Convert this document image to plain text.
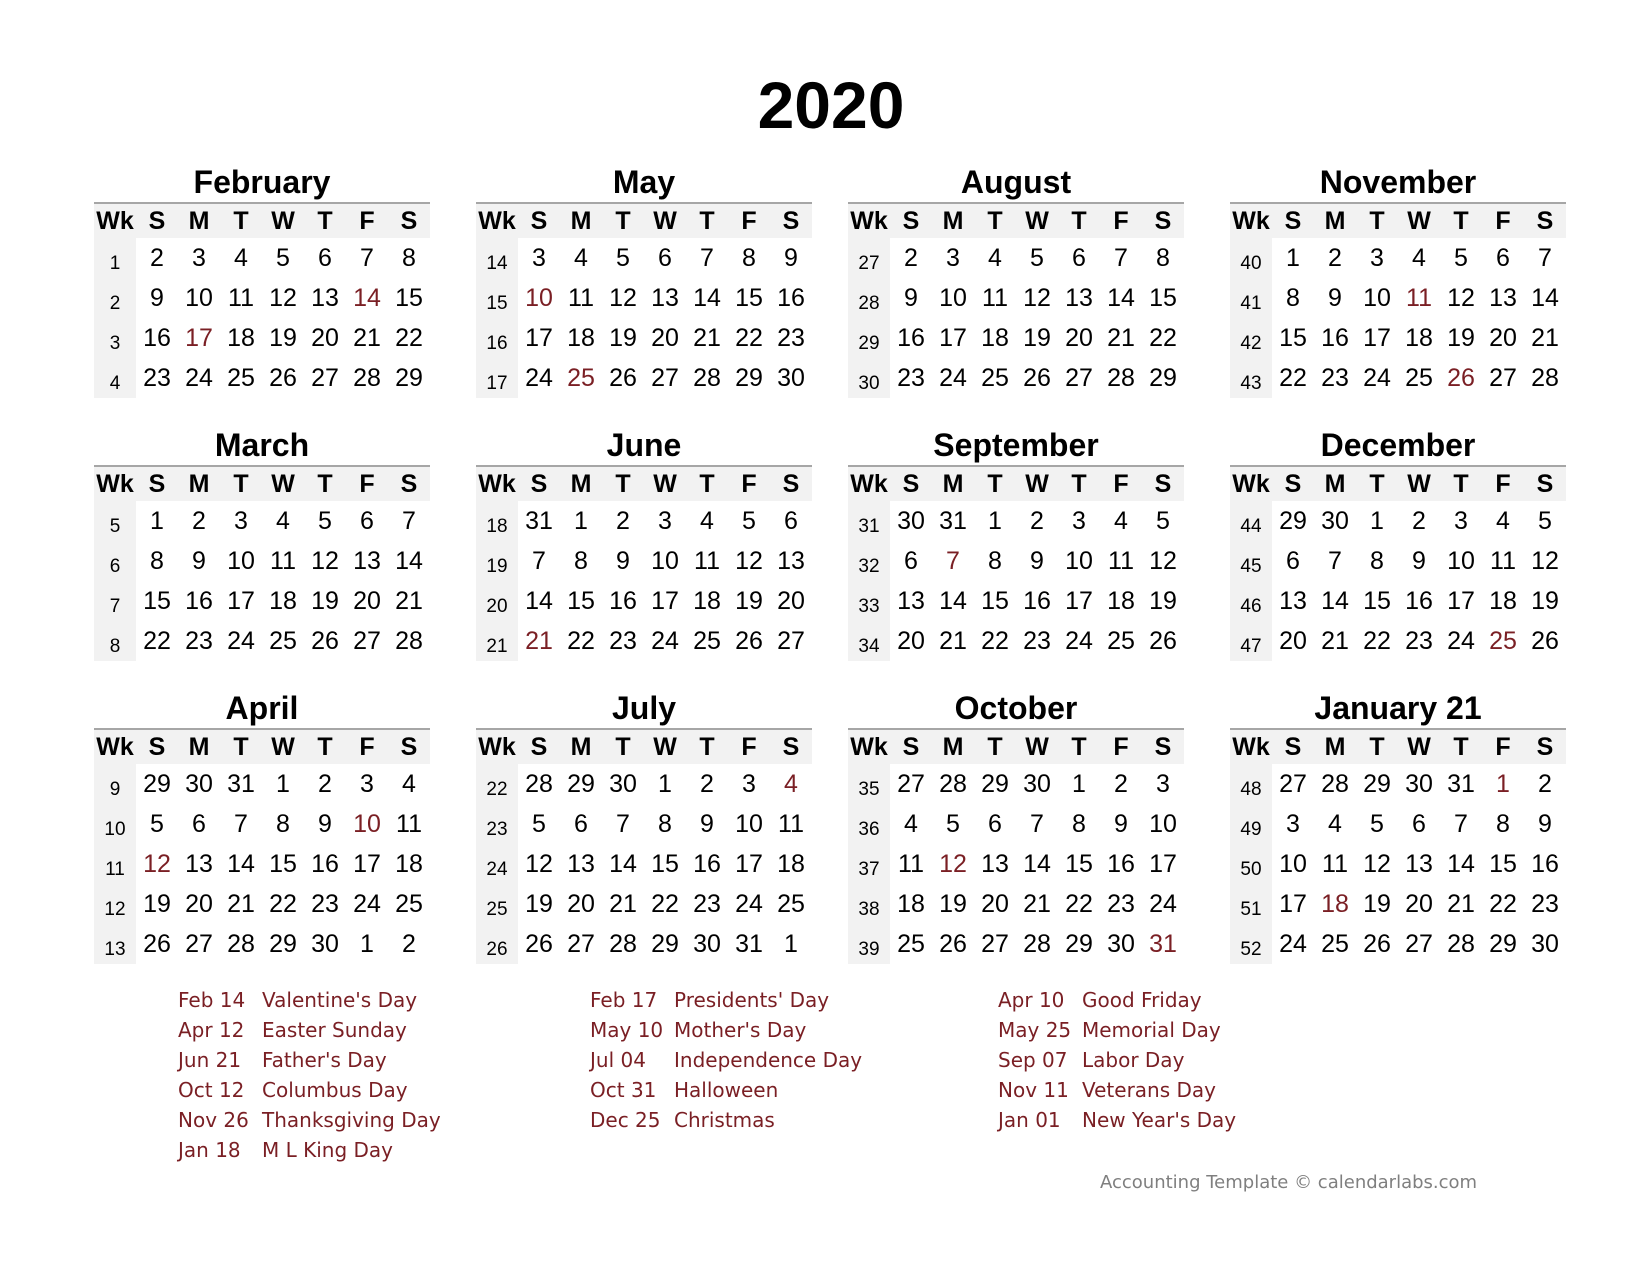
2020
February
Wk	S	M	T	W	T	F	S
1	2	3	4	5	6	7	8
2	9	10	11	12	13	14	15
3	16	17	18	19	20	21	22
4	23	24	25	26	27	28	29
May
Wk	S	M	T	W	T	F	S
14	3	4	5	6	7	8	9
15	10	11	12	13	14	15	16
16	17	18	19	20	21	22	23
17	24	25	26	27	28	29	30
August
Wk	S	M	T	W	T	F	S
27	2	3	4	5	6	7	8
28	9	10	11	12	13	14	15
29	16	17	18	19	20	21	22
30	23	24	25	26	27	28	29
November
Wk	S	M	T	W	T	F	S
40	1	2	3	4	5	6	7
41	8	9	10	11	12	13	14
42	15	16	17	18	19	20	21
43	22	23	24	25	26	27	28
March
Wk	S	M	T	W	T	F	S
5	1	2	3	4	5	6	7
6	8	9	10	11	12	13	14
7	15	16	17	18	19	20	21
8	22	23	24	25	26	27	28
June
Wk	S	M	T	W	T	F	S
18	31	1	2	3	4	5	6
19	7	8	9	10	11	12	13
20	14	15	16	17	18	19	20
21	21	22	23	24	25	26	27
September
Wk	S	M	T	W	T	F	S
31	30	31	1	2	3	4	5
32	6	7	8	9	10	11	12
33	13	14	15	16	17	18	19
34	20	21	22	23	24	25	26
December
Wk	S	M	T	W	T	F	S
44	29	30	1	2	3	4	5
45	6	7	8	9	10	11	12
46	13	14	15	16	17	18	19
47	20	21	22	23	24	25	26
April
Wk	S	M	T	W	T	F	S
9	29	30	31	1	2	3	4
10	5	6	7	8	9	10	11
11	12	13	14	15	16	17	18
12	19	20	21	22	23	24	25
13	26	27	28	29	30	1	2
July
Wk	S	M	T	W	T	F	S
22	28	29	30	1	2	3	4
23	5	6	7	8	9	10	11
24	12	13	14	15	16	17	18
25	19	20	21	22	23	24	25
26	26	27	28	29	30	31	1
October
Wk	S	M	T	W	T	F	S
35	27	28	29	30	1	2	3
36	4	5	6	7	8	9	10
37	11	12	13	14	15	16	17
38	18	19	20	21	22	23	24
39	25	26	27	28	29	30	31
January 21
Wk	S	M	T	W	T	F	S
48	27	28	29	30	31	1	2
49	3	4	5	6	7	8	9
50	10	11	12	13	14	15	16
51	17	18	19	20	21	22	23
52	24	25	26	27	28	29	30
Feb 14 Valentine's Day
Apr 12 Easter Sunday
Jun 21	Father's Day
Oct 12 Columbus Day
Nov 26 Thanksgiving Day
Jan 18	M L King Day
Feb 17 Presidents' Day
May 10 Mother's Day
Jul 04	Independence Day
Oct 31 Halloween
Dec 25 Christmas
Apr 10 Good Friday
May 25 Memorial Day
Sep 07 Labor Day
Nov 11 Veterans Day
Jan 01	New Year's Day
Accounting Template © calendarlabs.com
